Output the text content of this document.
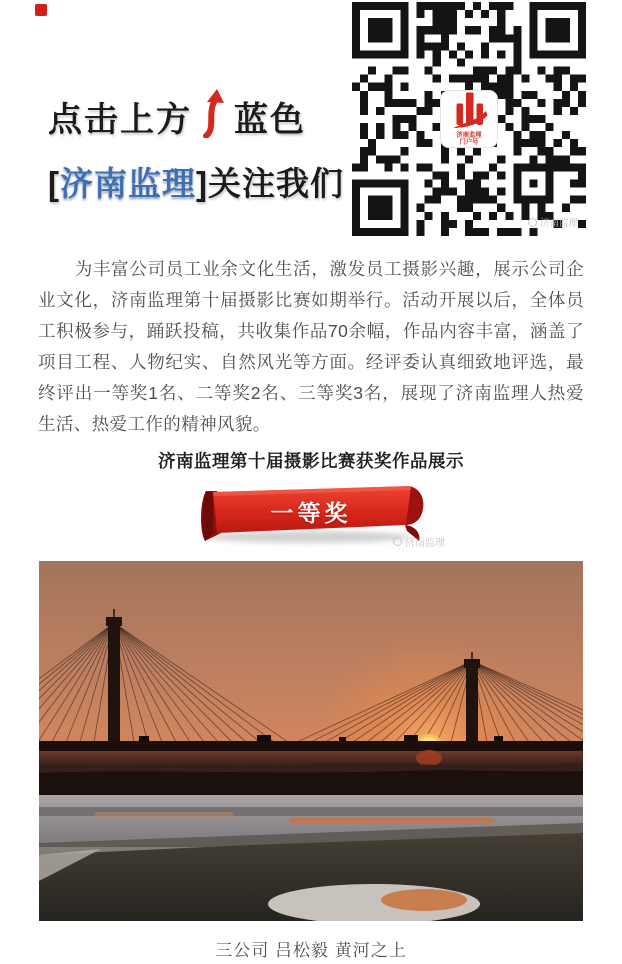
点击上方 蓝色
[济南监理]关注我们
济南监理
门户号
济南监理

为丰富公司员工业余文化生活，激发员工摄影兴趣，展示公司企业文化，济南监理第十届摄影比赛如期举行。活动开展以后，全体员工积极参与，踊跃投稿，共收集作品70余幅，作品内容丰富，涵盖了项目工程、人物纪实、自然风光等方面。经评委认真细致地评选，最终评出一等奖1名、二等奖2名、三等奖3名，展现了济南监理人热爱生活、热爱工作的精神风貌。

济南监理第十届摄影比赛获奖作品展示
一等奖
济南监理
三公司 吕松毅 黄河之上
